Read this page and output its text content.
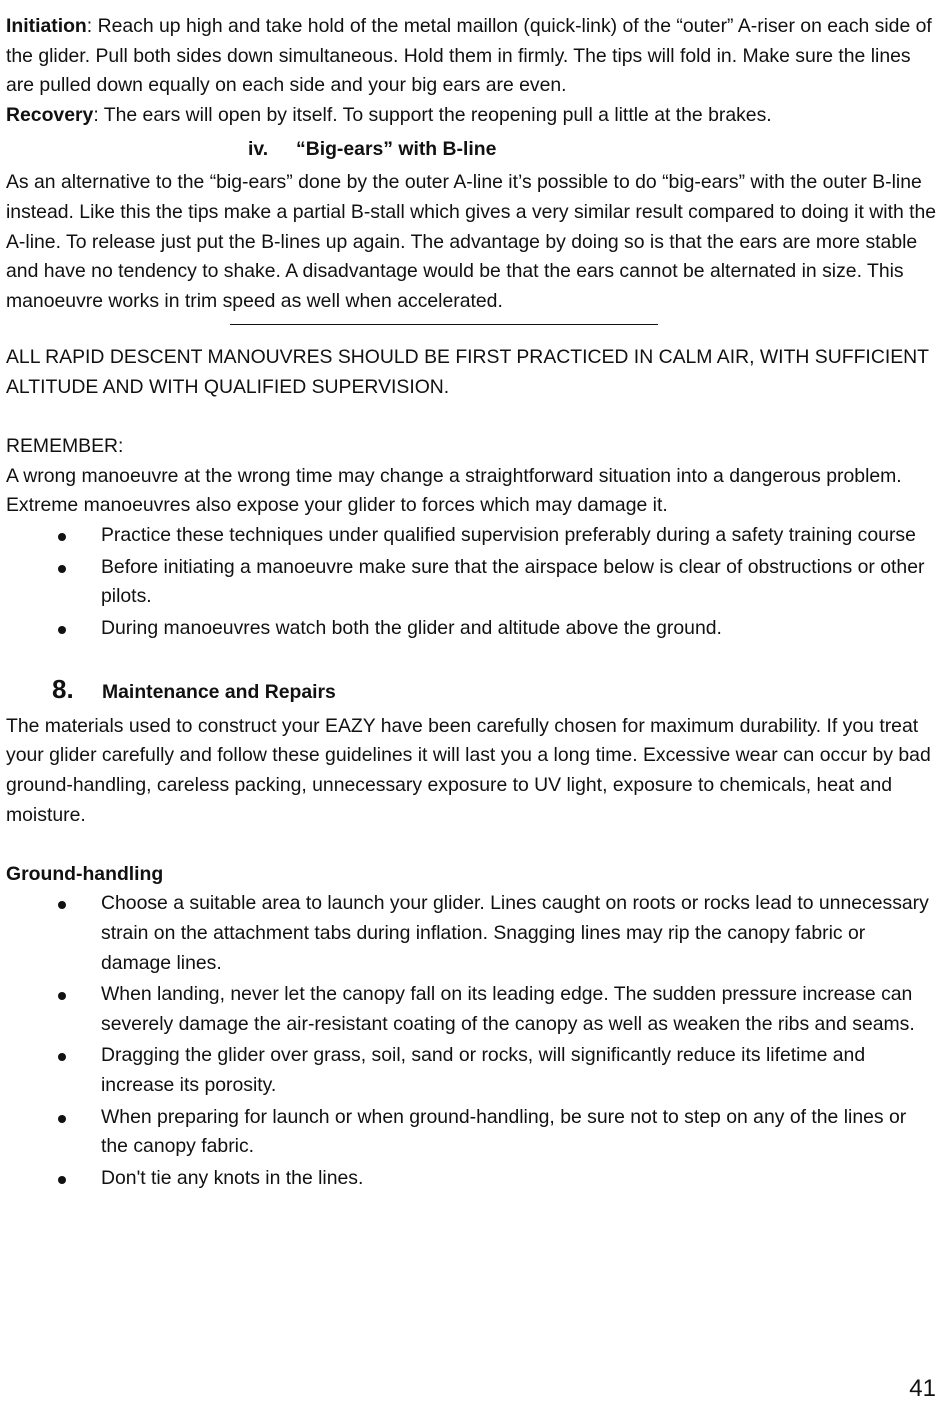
Initiation: Reach up high and take hold of the metal maillon (quick-link) of the “outer” A-riser on each side of the glider. Pull both sides down simultaneous. Hold them in firmly. The tips will fold in. Make sure the lines are pulled down equally on each side and your big ears are even.

Recovery: The ears will open by itself. To support the reopening pull a little at the brakes.

iv. “Big-ears” with B-line

As an alternative to the “big-ears” done by the outer A-line it’s possible to do “big-ears” with the outer B-line instead. Like this the tips make a partial B-stall which gives a very similar result compared to doing it with the A-line. To release just put the B-lines up again. The advantage by doing so is that the ears are more stable and have no tendency to shake. A disadvantage would be that the ears cannot be alternated in size. This manoeuvre works in trim speed as well when accelerated.

ALL RAPID DESCENT MANOUVRES SHOULD BE FIRST PRACTICED IN CALM AIR, WITH SUFFICIENT ALTITUDE AND WITH QUALIFIED SUPERVISION.

REMEMBER:

A wrong manoeuvre at the wrong time may change a straightforward situation into a dangerous problem. Extreme manoeuvres also expose your glider to forces which may damage it.

Practice these techniques under qualified supervision preferably during a safety training course
Before initiating a manoeuvre make sure that the airspace below is clear of obstructions or other pilots.
During manoeuvres watch both the glider and altitude above the ground.
8.	Maintenance and Repairs

The materials used to construct your EAZY have been carefully chosen for maximum durability. If you treat your glider carefully and follow these guidelines it will last you a long time. Excessive wear can occur by bad ground-handling, careless packing, unnecessary exposure to UV light, exposure to chemicals, heat and moisture.

Ground-handling

Choose a suitable area to launch your glider. Lines caught on roots or rocks lead to unnecessary strain on the attachment tabs during inflation. Snagging lines may rip the canopy fabric or damage lines.
When landing, never let the canopy fall on its leading edge. The sudden pressure increase can severely damage the air-resistant coating of the canopy as well as weaken the ribs and seams.
Dragging the glider over grass, soil, sand or rocks, will significantly reduce its lifetime and increase its porosity.
When preparing for launch or when ground-handling, be sure not to step on any of the lines or the canopy fabric.
Don't tie any knots in the lines.
41
